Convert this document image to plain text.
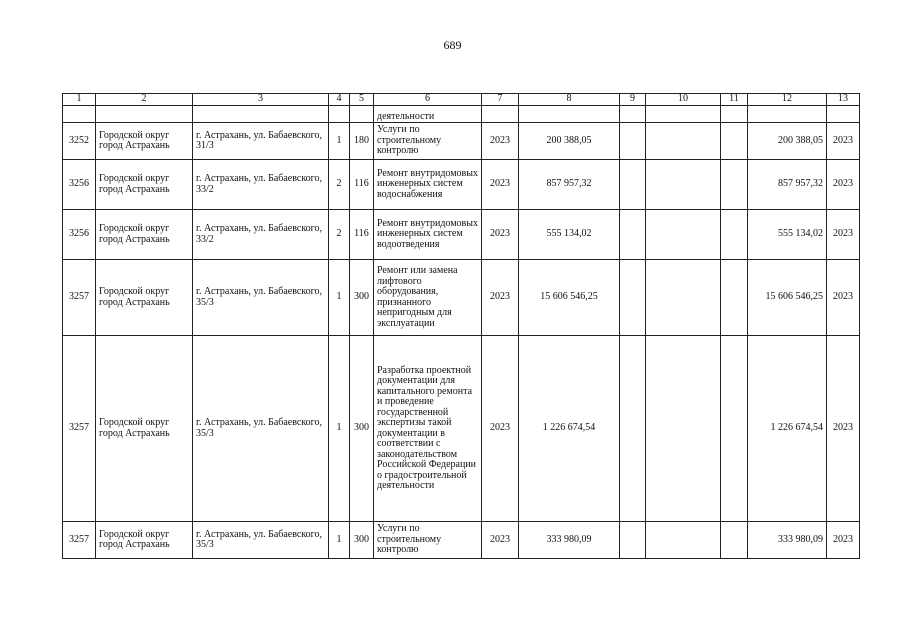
689
1	2	3	4	5	6	7	8	9	10	11	12	13
					деятельности							
3252	Городской округ город Астрахань	г. Астрахань, ул. Бабаевского, 31/3	1	180	Услуги по строительному контролю	2023	200 388,05				200 388,05	2023
3256	Городской округ город Астрахань	г. Астрахань, ул. Бабаевского, 33/2	2	116	Ремонт внутридомовых инженерных систем водоснабжения	2023	857 957,32				857 957,32	2023
3256	Городской округ город Астрахань	г. Астрахань, ул. Бабаевского, 33/2	2	116	Ремонт внутридомовых инженерных систем водоотведения	2023	555 134,02				555 134,02	2023
3257	Городской округ город Астрахань	г. Астрахань, ул. Бабаевского, 35/3	1	300	Ремонт или замена лифтового оборудования, признанного непригодным для эксплуатации	2023	15 606 546,25				15 606 546,25	2023
3257	Городской округ город Астрахань	г. Астрахань, ул. Бабаевского, 35/3	1	300	Разработка проектной документации для капитального ремонта и проведение государственной экспертизы такой документации в соответствии с законодательством Российской Федерации о градостроительной деятельности	2023	1 226 674,54				1 226 674,54	2023
3257	Городской округ город Астрахань	г. Астрахань, ул. Бабаевского, 35/3	1	300	Услуги по строительному контролю	2023	333 980,09				333 980,09	2023
